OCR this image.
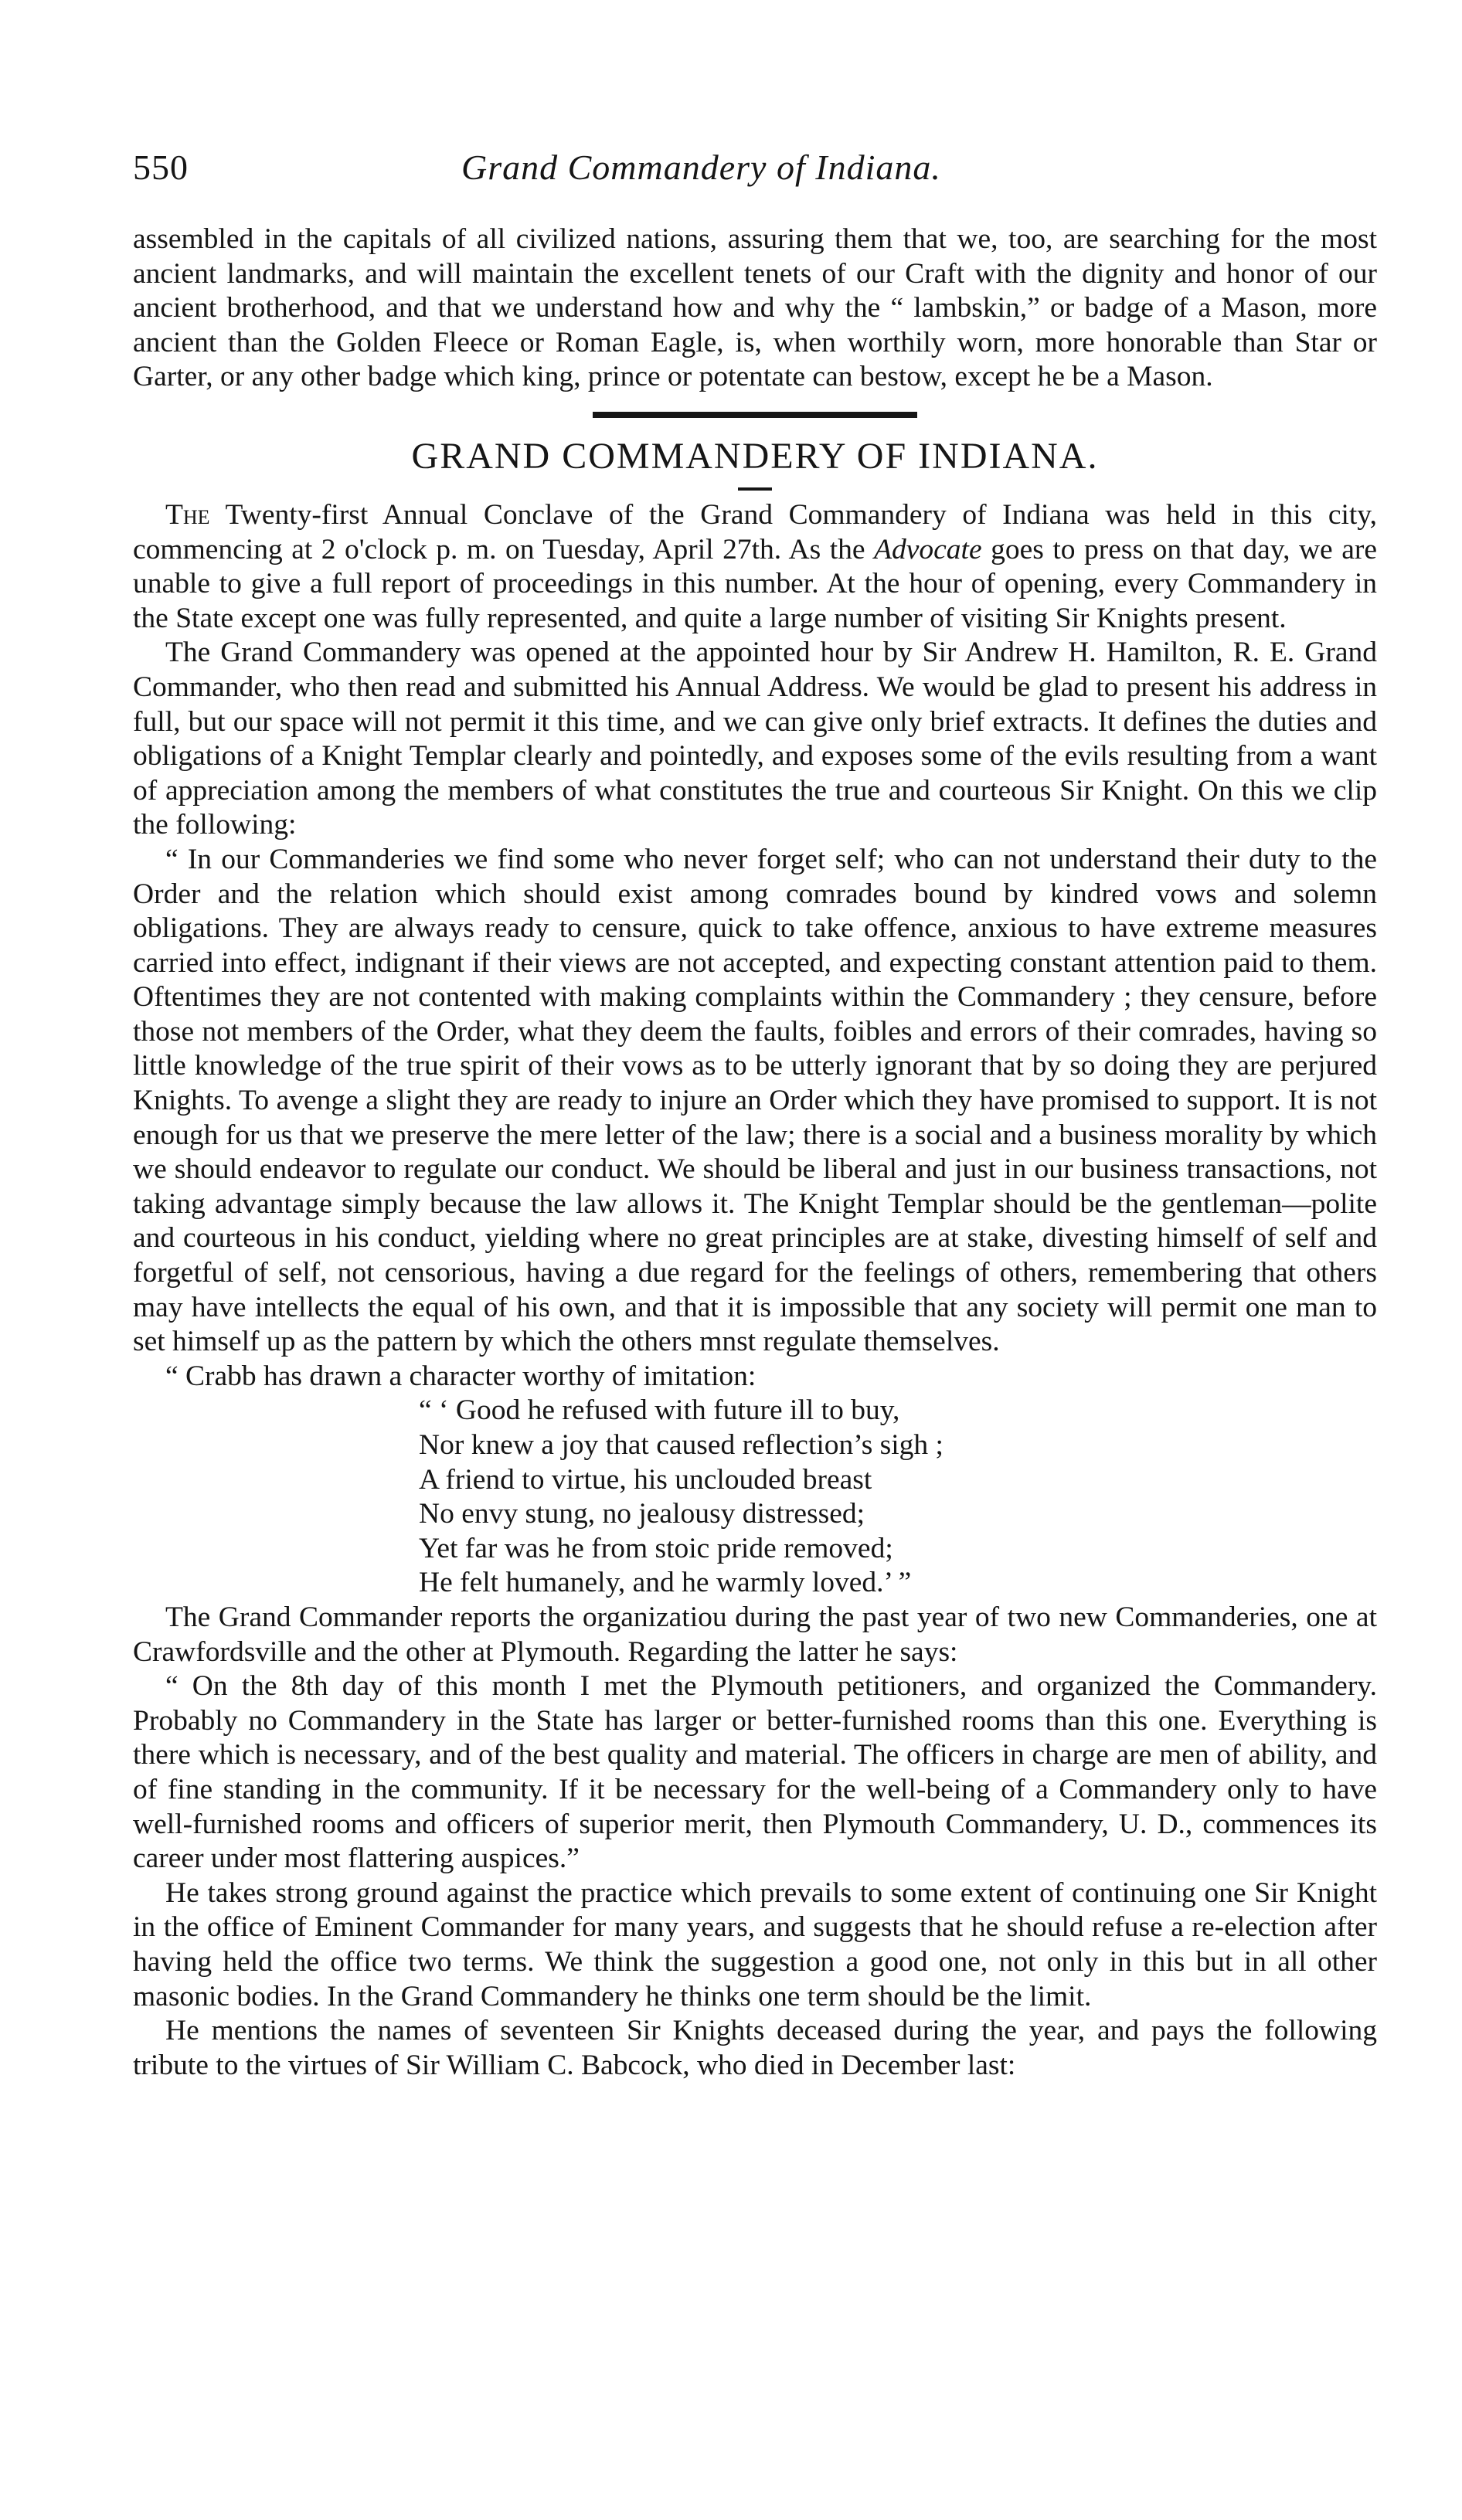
550	Grand Commandery of Indiana.

assembled in the capitals of all civilized nations, assuring them that we, too, are searching for the most ancient landmarks, and will maintain the excellent tenets of our Craft with the dignity and honor of our ancient brotherhood, and that we understand how and why the “ lambskin,” or badge of a Mason, more ancient than the Golden Fleece or Roman Eagle, is, when worthily worn, more honorable than Star or Garter, or any other badge which king, prince or potentate can bestow, except he be a Mason.

GRAND COMMANDERY OF INDIANA.

The Twenty-first Annual Conclave of the Grand Commandery of Indiana was held in this city, commencing at 2 o'clock p. m. on Tuesday, April 27th. As the Advocate goes to press on that day, we are unable to give a full report of proceedings in this number. At the hour of opening, every Commandery in the State except one was fully represented, and quite a large number of visiting Sir Knights present.

The Grand Commandery was opened at the appointed hour by Sir Andrew H. Hamilton, R. E. Grand Commander, who then read and submitted his Annual Address. We would be glad to present his address in full, but our space will not permit it this time, and we can give only brief extracts. It defines the duties and obligations of a Knight Templar clearly and pointedly, and exposes some of the evils resulting from a want of appreciation among the members of what constitutes the true and courteous Sir Knight. On this we clip the following:

“ In our Commanderies we find some who never forget self; who can not understand their duty to the Order and the relation which should exist among comrades bound by kindred vows and solemn obligations. They are always ready to censure, quick to take offence, anxious to have extreme measures carried into effect, indignant if their views are not accepted, and expecting constant attention paid to them. Oftentimes they are not contented with making complaints within the Commandery ; they censure, before those not members of the Order, what they deem the faults, foibles and errors of their comrades, having so little knowledge of the true spirit of their vows as to be utterly ignorant that by so doing they are perjured Knights. To avenge a slight they are ready to injure an Order which they have promised to support. It is not enough for us that we preserve the mere letter of the law; there is a social and a business morality by which we should endeavor to regulate our conduct. We should be liberal and just in our business transactions, not taking advantage simply because the law allows it. The Knight Templar should be the gentleman—polite and courteous in his conduct, yielding where no great principles are at stake, divesting himself of self and forgetful of self, not censorious, having a due regard for the feelings of others, remembering that others may have intellects the equal of his own, and that it is impossible that any society will permit one man to set himself up as the pattern by which the others mnst regulate themselves.

“ Crabb has drawn a character worthy of imitation:

“ ‘ Good he refused with future ill to buy,
Nor knew a joy that caused reflection’s sigh ;
A friend to virtue, his unclouded breast
No envy stung, no jealousy distressed;
Yet far was he from stoic pride removed;
He felt humanely, and he warmly loved.’ ”

The Grand Commander reports the organizatiou during the past year of two new Commanderies, one at Crawfordsville and the other at Plymouth. Regarding the latter he says:

“ On the 8th day of this month I met the Plymouth petitioners, and organized the Commandery. Probably no Commandery in the State has larger or better-furnished rooms than this one. Everything is there which is necessary, and of the best quality and material. The officers in charge are men of ability, and of fine standing in the community. If it be necessary for the well-being of a Commandery only to have well-furnished rooms and officers of superior merit, then Plymouth Commandery, U. D., commences its career under most flattering auspices.”

He takes strong ground against the practice which prevails to some extent of continuing one Sir Knight in the office of Eminent Commander for many years, and suggests that he should refuse a re-election after having held the office two terms. We think the suggestion a good one, not only in this but in all other masonic bodies. In the Grand Commandery he thinks one term should be the limit.

He mentions the names of seventeen Sir Knights deceased during the year, and pays the following tribute to the virtues of Sir William C. Babcock, who died in December last:
